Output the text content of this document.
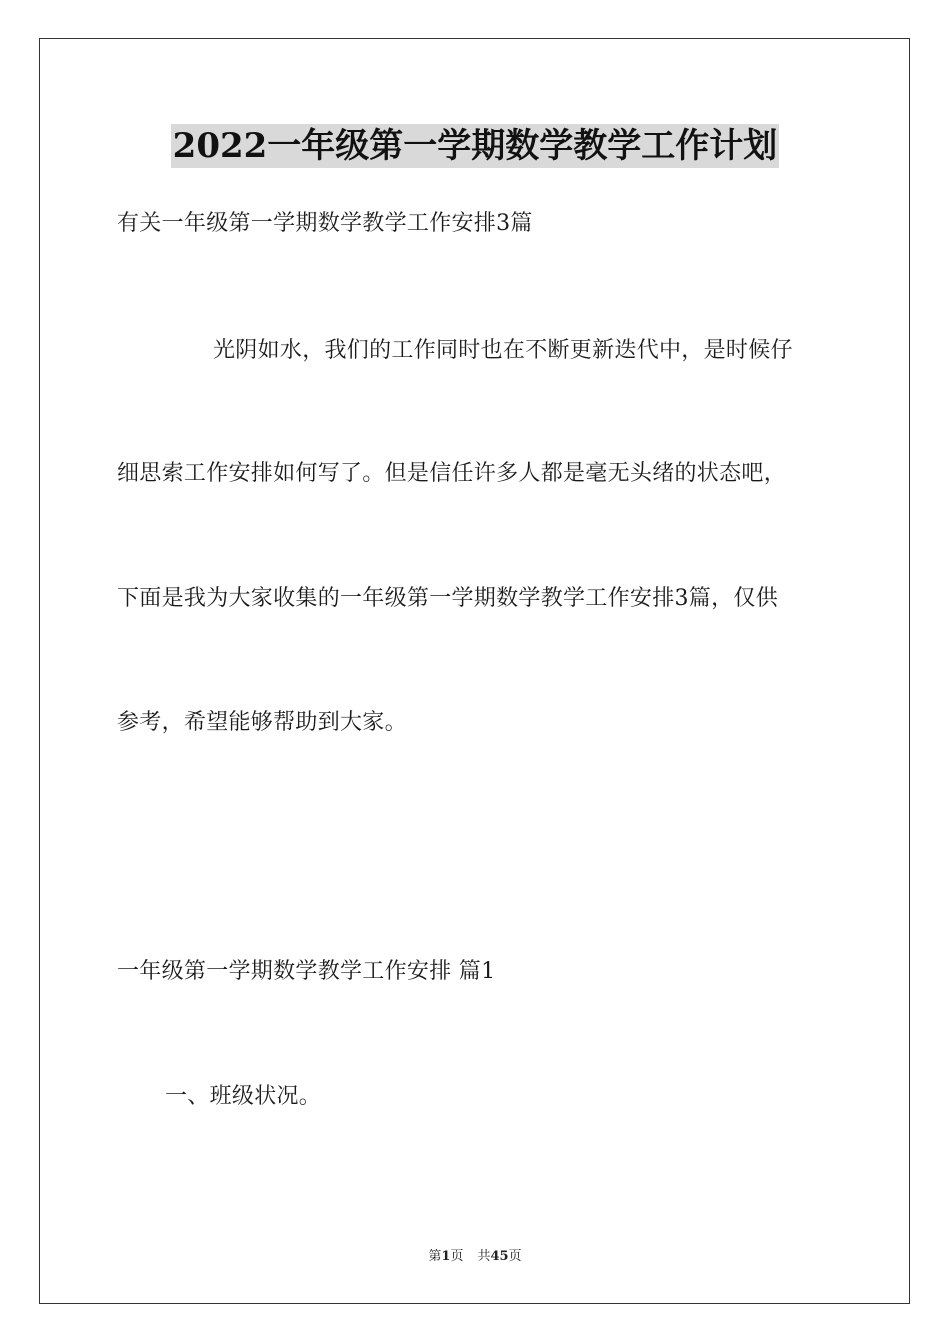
2022一年级第一学期数学教学工作计划
有关一年级第一学期数学教学工作安排3篇
光阴如水，我们的工作同时也在不断更新迭代中，是时候仔
细思索工作安排如何写了。但是信任许多人都是毫无头绪的状态吧，
下面是我为大家收集的一年级第一学期数学教学工作安排3篇，仅供
参考，希望能够帮助到大家。
一年级第一学期数学教学工作安排 篇1
一、班级状况。
第1页 共45页
